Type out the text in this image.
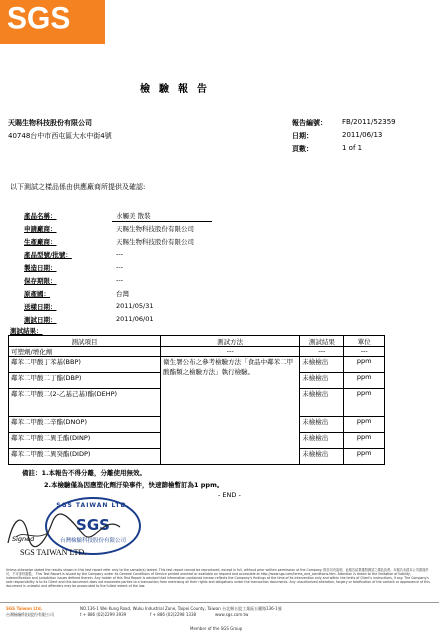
SGS
檢驗報告
天賜生物科技股份有限公司
40748台中市西屯區大水中街4號
報告編號： FB/2011/52359
日期：	2011/06/13
頁數：	1 of 1
以下測試之樣品係由供應廠商所提供及確認:
產品名稱：	水觸美 散裝
申請廠商：	天賜生物科技股份有限公司
生產廠商：	天賜生物科技股份有限公司
產品型號/批號：	---
製造日期：	---
保存期限：	---
原產國：	台灣
送樣日期：	2011/05/31
測試日期：	2011/06/01
測試結果：
測試項目	測試方法	測試結果	單位
可塑劑/增化劑	---	---	---
鄰苯二甲酸丁苯基(BBP)	衛生署公布之參考檢驗方法「食品中鄰苯二甲酸酯類之檢驗方法」執行檢驗。	未檢檢出	ppm
鄰苯二甲酸二丁酯(DBP)		未檢檢出	ppm
鄰苯二甲酸二(2-乙基己基)酯(DEHP)		未檢檢出	ppm
鄰苯二甲酸二辛酯(DNOP)		未檢檢出	ppm
鄰苯二甲酸二異壬酯(DINP)		未檢檢出	ppm
鄰苯二甲酸二異癸酯(DIDP)		未檢檢出	ppm
備註：1.本報告不得分離，分離使用無效。
2.本檢驗僅為因應塑化劑汙染事件，快速篩檢暫訂為1 ppm。
- END -
SGS TAIWAN LTD.
SGS
台灣檢驗科技股份有限公司
Signed
SGS TAIWAN LTD.
Unless otherwise stated the results shown in this test report refer only to the sample(s) tested. This test report cannot be reproduced, except in full, without prior written permission of the Company. 除非另有說明，此報告結果僅對測試之樣品負責。本報告未經本公司書面許可，不可部份複製。 This Test Report is issued by the Company under its General Conditions of Service printed overleaf or available on request and accessible at http://www.sgs.com/terms_and_conditions.htm. Attention is drawn to the limitation of liability, indemnification and jurisdiction issues defined therein. Any holder of this Test Report is advised that information contained hereon reflects the Company's findings at the time of its intervention only and within the limits of Client's instructions, if any. The Company's sole responsibility is to its Client and this document does not exonerate parties to a transaction from exercising all their rights and obligations under the transaction documents. Any unauthorized alteration, forgery or falsification of the content or appearance of this document is unlawful and offenders may be prosecuted to the fullest extent of the law.
SGS Taiwan Ltd.
台灣檢驗科技股份有限公司
NO.136-1 Wei Kung Road, Wuku Industrial Zone, Taipei County, Taiwan 台北縣五股工業區五權路136-1號
t + 886 (02)2299 3939	f + 886 (02)2298 1338	www.sgs.com.tw
Member of the SGS Group
